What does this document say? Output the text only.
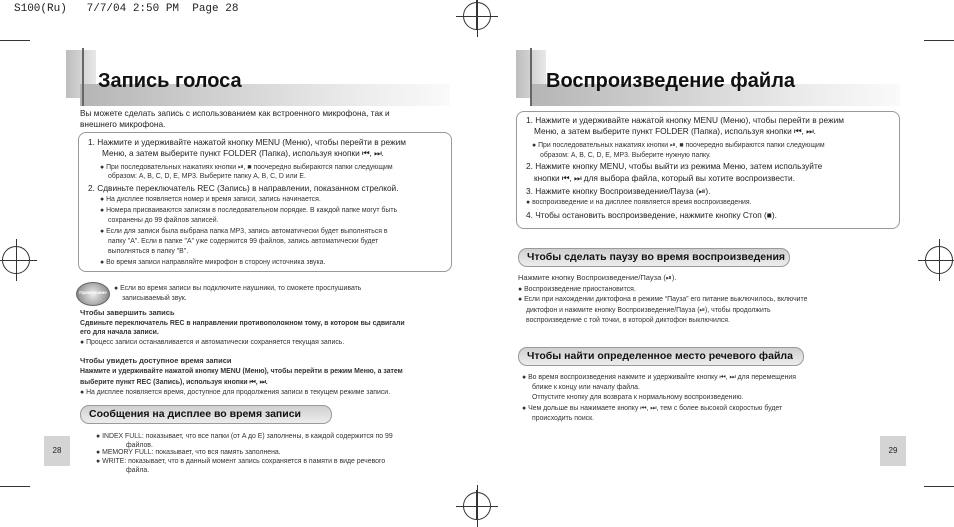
S100(Ru)   7/7/04 2:50 PM  Page 28
Запись голоса
Вы можете сделать запись с использованием как встроенного микрофона, так и
внешнего микрофона.
1. Нажмите и удерживайте нажатой кнопку MENU (Меню), чтобы перейти в режим
Меню, а затем выберите пункт FOLDER (Папка), используя кнопки ⏮, ⏭.
● При последовательных нажатиях кнопки ⏯, ■ поочередно выбираются папки следующим
образом: A, B, C, D, E, MP3. Выберите папку A, B, C, D или E.
2. Сдвиньте переключатель REC (Запись) в направлении, показанном стрелкой.
● На дисплее появляется номер и время записи, запись начинается.
● Номера присваиваются записям в последовательном порядке. В каждой папке могут быть
сохранены до 99 файлов записей.
● Если для записи была выбрана папка MP3, запись автоматически будет выполняться в
папку "A". Если в папке "A" уже содержится 99 файлов, запись автоматически будет
выполняться в папку "B".
● Во время записи направляйте микрофон в сторону источника звука.
Примечание
● Если во время записи вы подключите наушники, то сможете прослушивать
записываемый звук.
Чтобы завершить запись
Сдвиньте переключатель REC в направлении противоположном тому, в котором вы сдвигали
его для начала записи.
● Процесс записи останавливается и автоматически сохраняется текущая запись.
Чтобы увидеть доступное время записи
Нажмите и удерживайте нажатой кнопку MENU (Меню), чтобы перейти в режим Меню, а затем
выберите пункт REC (Запись), используя кнопки ⏮, ⏭.
● На дисплее появляется время, доступное для продолжения записи в текущем режиме записи.
Сообщения на дисплее во время записи
● INDEX FULL: показывает, что все папки (от A до E) заполнены, в каждой содержится по 99
файлов.
● MEMORY FULL: показывает, что вся память заполнена.
● WRITE: показывает, что в данный момент запись сохраняется в памяти в виде речевого
файла.
28
Воспроизведение файла
1. Нажмите и удерживайте нажатой кнопку MENU (Меню), чтобы перейти в режим
Меню, а затем выберите пункт FOLDER (Папка), используя кнопки ⏮, ⏭.
● При последовательных нажатиях кнопки ⏯, ■ поочередно выбираются папки следующим
образом: A, B, C, D, E, MP3. Выберите нужную папку.
2. Нажмите кнопку MENU, чтобы выйти из режима Меню, затем используйте
кнопки ⏮, ⏭ для выбора файла, который вы хотите воспроизвести.
3. Нажмите кнопку Воспроизведение/Пауза (⏯).
● воспроизведение и на дисплее появляется время воспроизведения.
4. Чтобы остановить воспроизведение, нажмите кнопку Стоп (■).
Чтобы сделать паузу во время воспроизведения
Нажмите кнопку Воспроизведение/Пауза (⏯).
● Воспроизведение приостановится.
● Если при нахождении диктофона в режиме “Пауза” его питание выключилось, включите
диктофон и нажмите кнопку Воспроизведение/Пауза (⏯), чтобы продолжить
воспроизведение с той точки, в которой диктофон выключился.
Чтобы найти определенное место речевого файла
● Во время воспроизведения нажмите и удерживайте кнопку ⏮, ⏭ для перемещения
ближе к концу или началу файла.
Отпустите кнопку для возврата к нормальному воспроизведению.
● Чем дольше вы нажимаете кнопку ⏮, ⏭, тем с более высокой скоростью будет
происходить поиск.
29
